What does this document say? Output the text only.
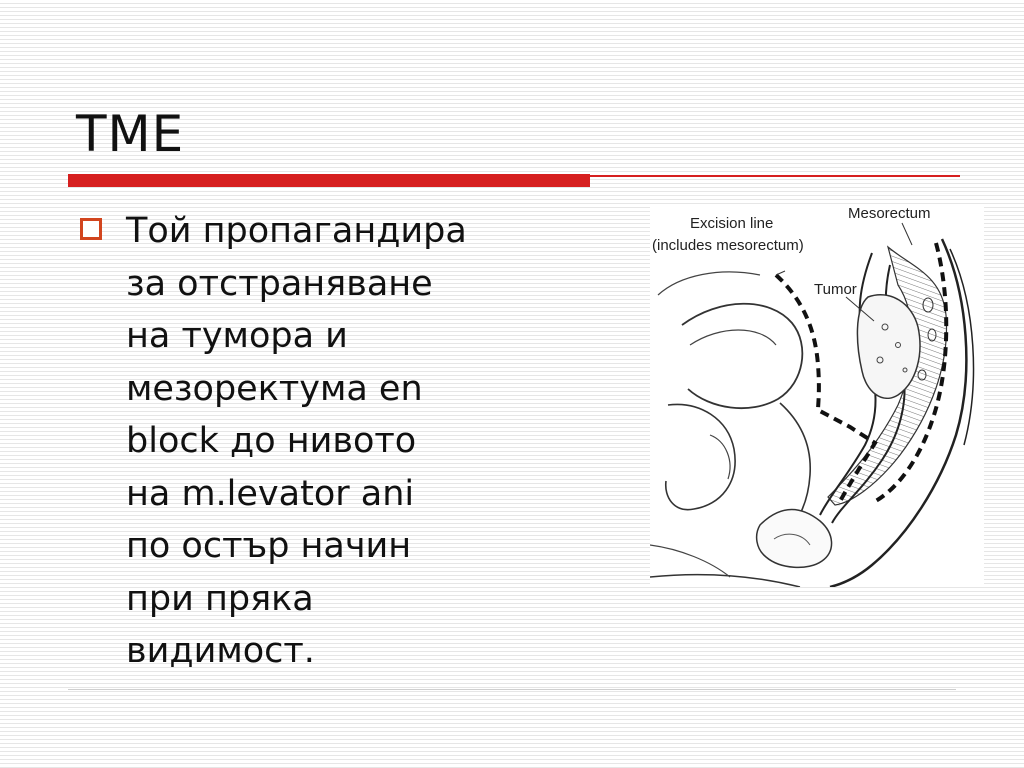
TME
Той пропагандира
за отстраняване
на тумора и
мезоректума en
block до нивото
на m.levator ani
по остър начин
при пряка
видимост.
Excision line
(includes mesorectum)
Mesorectum
Tumor
